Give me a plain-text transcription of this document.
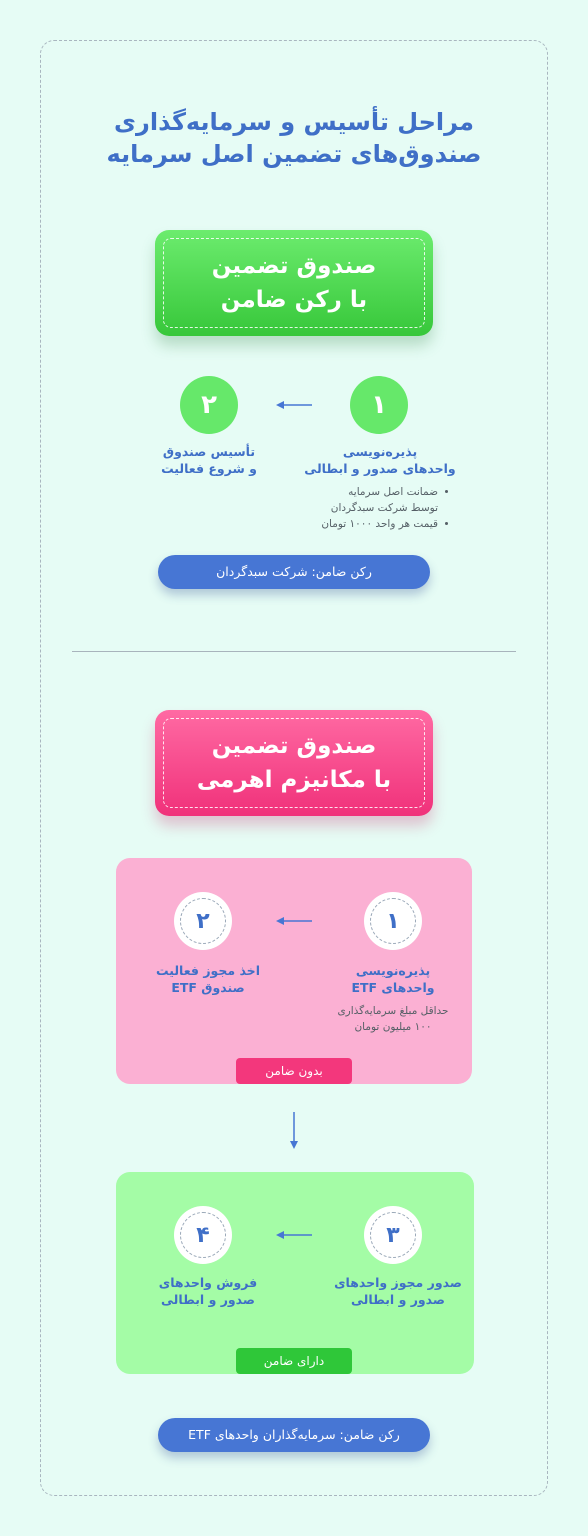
مراحل تأسیس و سرمایه‌گذاری
صندوق‌های تضمین اصل سرمایه
صندوق تضمین
با رکن ضامن
۱
۲
پذیره‌نویسی
واحدهای صدور و ابطالی
تأسیس صندوق
و شروع فعالیت
ضمانت اصل سرمایه
توسط شرکت سبدگردان
قیمت هر واحد ۱۰۰۰ تومان
رکن ضامن: شرکت سبدگردان
صندوق تضمین
با مکانیزم اهرمی
۱
۲
پذیره‌نویسی
واحدهای ETF
اخذ مجوز فعالیت
صندوق ETF
حداقل مبلغ سرمایه‌گذاری
۱۰۰ میلیون تومان
بدون ضامن
۳
۴
صدور مجوز واحدهای
صدور و ابطالی
فروش واحدهای
صدور و ابطالی
دارای ضامن
رکن ضامن: سرمایه‌گذاران واحدهای ETF
